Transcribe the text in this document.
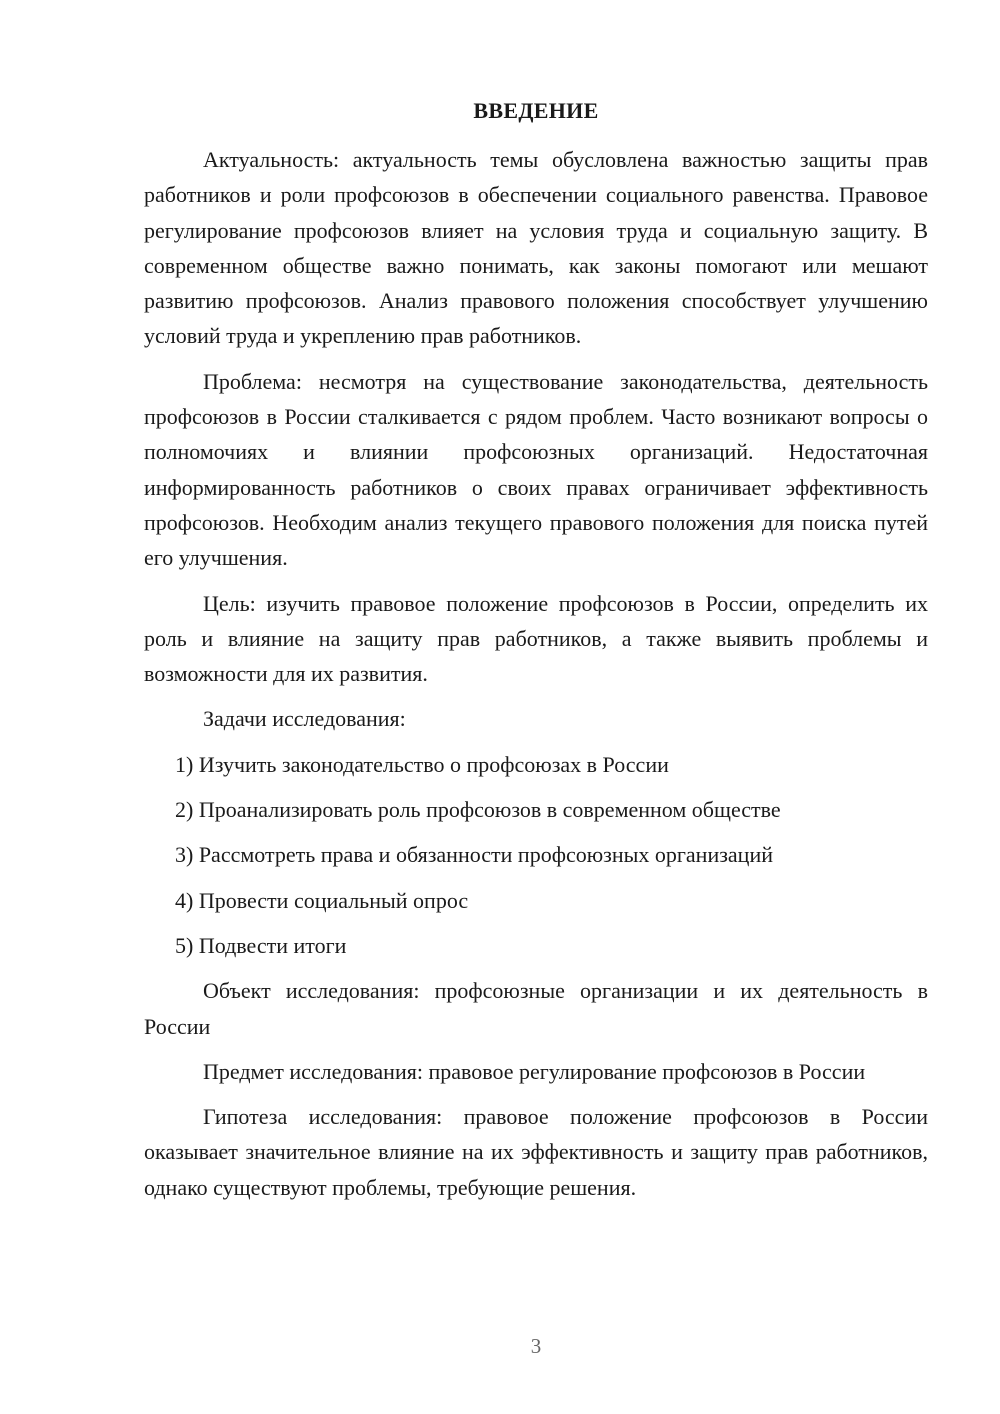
ВВЕДЕНИЕ

Актуальность: актуальность темы обусловлена важностью защиты прав работников и роли профсоюзов в обеспечении социального равенства. Правовое регулирование профсоюзов влияет на условия труда и социальную защиту. В современном обществе важно понимать, как законы помогают или мешают развитию профсоюзов. Анализ правового положения способствует улучшению условий труда и укреплению прав работников.

Проблема: несмотря на существование законодательства, деятельность профсоюзов в России сталкивается с рядом проблем. Часто возникают вопросы о полномочиях и влиянии профсоюзных организаций. Недостаточная информированность работников о своих правах ограничивает эффективность профсоюзов. Необходим анализ текущего правового положения для поиска путей его улучшения.

Цель: изучить правовое положение профсоюзов в России, определить их роль и влияние на защиту прав работников, а также выявить проблемы и возможности для их развития.

Задачи исследования:

1) Изучить законодательство о профсоюзах в России
2) Проанализировать роль профсоюзов в современном обществе
3) Рассмотреть права и обязанности профсоюзных организаций
4) Провести социальный опрос
5) Подвести итоги

Объект исследования: профсоюзные организации и их деятельность в России

Предмет исследования: правовое регулирование профсоюзов в России

Гипотеза исследования: правовое положение профсоюзов в России оказывает значительное влияние на их эффективность и защиту прав работников, однако существуют проблемы, требующие решения.

3
